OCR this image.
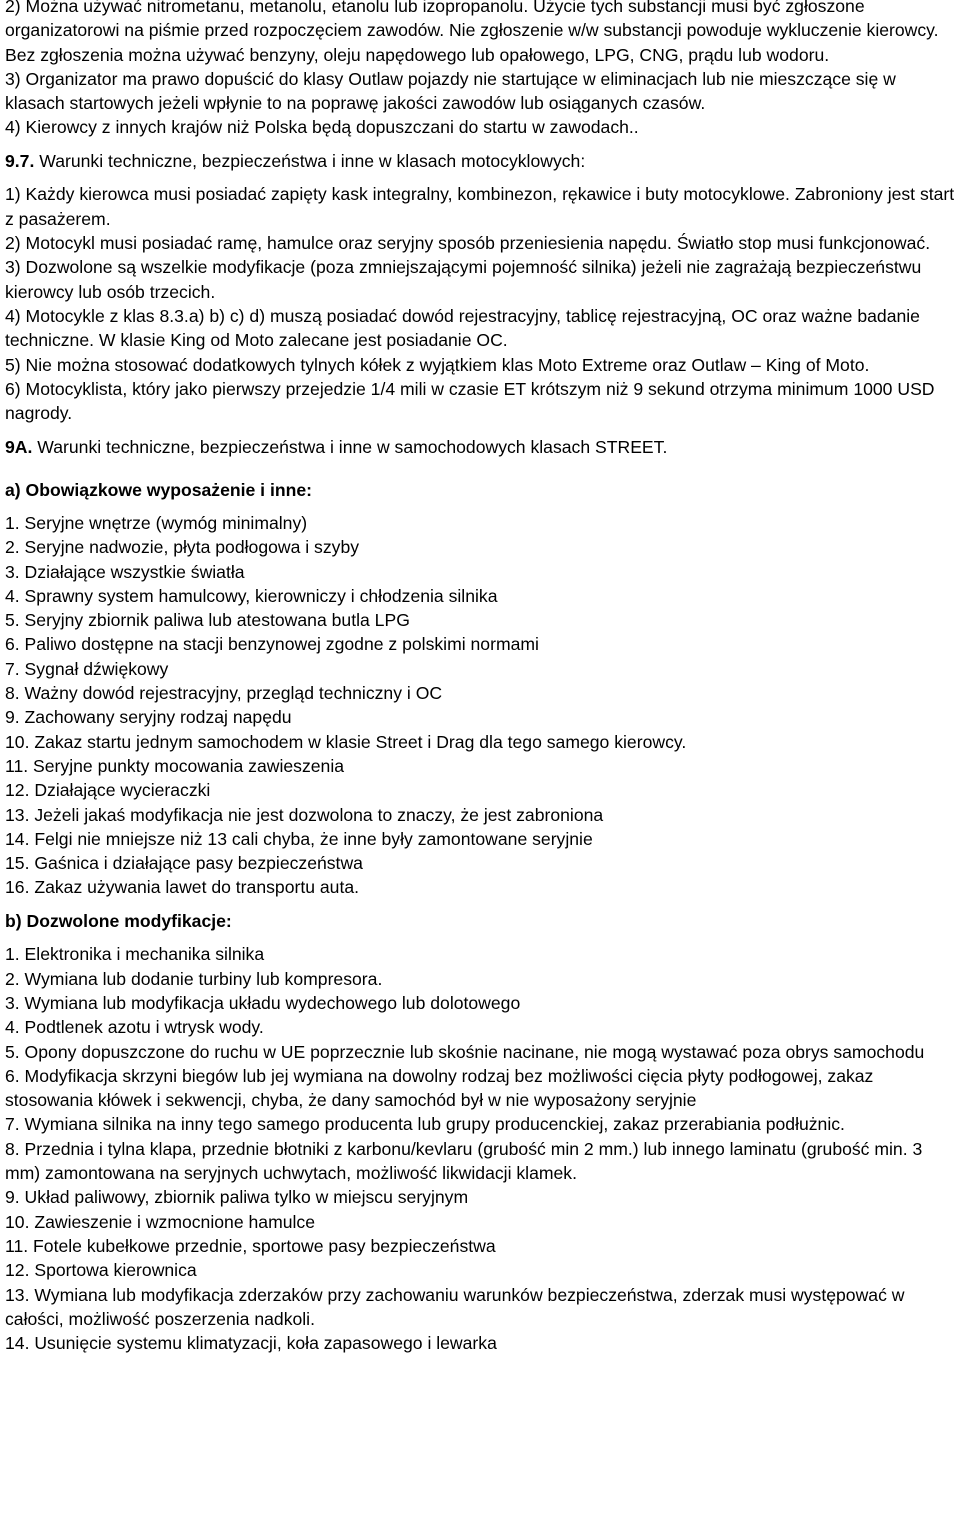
2) Można używać nitrometanu, metanolu, etanolu lub izopropanolu. Użycie tych substancji musi być zgłoszone organizatorowi na piśmie przed rozpoczęciem zawodów. Nie zgłoszenie w/w substancji powoduje wykluczenie kierowcy. Bez zgłoszenia można używać benzyny, oleju napędowego lub opałowego, LPG, CNG, prądu lub wodoru.

3) Organizator ma prawo dopuścić do klasy Outlaw pojazdy nie startujące w eliminacjach lub nie mieszczące się w klasach startowych jeżeli wpłynie to na poprawę jakości zawodów lub osiąganych czasów.

4) Kierowcy z innych krajów niż Polska będą dopuszczani do startu w zawodach..

9.7. Warunki techniczne, bezpieczeństwa i inne w klasach motocyklowych:

1) Każdy kierowca musi posiadać zapięty kask integralny, kombinezon, rękawice i buty motocyklowe. Zabroniony jest start z pasażerem.

2) Motocykl musi posiadać ramę, hamulce oraz seryjny sposób przeniesienia napędu. Światło stop musi funkcjonować.

3) Dozwolone są wszelkie modyfikacje (poza zmniejszającymi pojemność silnika) jeżeli nie zagrażają bezpieczeństwu kierowcy lub osób trzecich.

4) Motocykle z klas 8.3.a) b) c) d) muszą posiadać dowód rejestracyjny, tablicę rejestracyjną, OC oraz ważne badanie techniczne. W klasie King od Moto zalecane jest posiadanie OC.

5) Nie można stosować dodatkowych tylnych kółek z wyjątkiem klas Moto Extreme oraz Outlaw – King of Moto.

6) Motocyklista, który jako pierwszy przejedzie 1/4 mili w czasie ET krótszym niż 9 sekund otrzyma minimum 1000 USD nagrody.

9A. Warunki techniczne, bezpieczeństwa i inne w samochodowych klasach STREET.

a) Obowiązkowe wyposażenie i inne:

1. Seryjne wnętrze (wymóg minimalny)

2. Seryjne nadwozie, płyta podłogowa i szyby

3. Działające wszystkie światła

4. Sprawny system hamulcowy, kierowniczy i chłodzenia silnika

5. Seryjny zbiornik paliwa lub atestowana butla LPG

6. Paliwo dostępne na stacji benzynowej zgodne z polskimi normami

7. Sygnał dźwiękowy

8. Ważny dowód rejestracyjny, przegląd techniczny i OC

9. Zachowany seryjny rodzaj napędu

10. Zakaz startu jednym samochodem w klasie Street i Drag dla tego samego kierowcy.

11. Seryjne punkty mocowania zawieszenia

12. Działające wycieraczki

13. Jeżeli jakaś modyfikacja nie jest dozwolona to znaczy, że jest zabroniona

14. Felgi nie mniejsze niż 13 cali chyba, że inne były zamontowane seryjnie

15. Gaśnica i działające pasy bezpieczeństwa

16. Zakaz używania lawet do transportu auta.

b) Dozwolone modyfikacje:

1. Elektronika i mechanika silnika

2. Wymiana lub dodanie turbiny lub kompresora.

3. Wymiana lub modyfikacja układu wydechowego lub dolotowego

4. Podtlenek azotu i wtrysk wody.

5. Opony dopuszczone do ruchu w UE poprzecznie lub skośnie nacinane, nie mogą wystawać poza obrys samochodu

6. Modyfikacja skrzyni biegów lub jej wymiana na dowolny rodzaj bez możliwości cięcia płyty podłogowej, zakaz stosowania kłówek i sekwencji, chyba, że dany samochód był w nie wyposażony seryjnie

7. Wymiana silnika na inny tego samego producenta lub grupy producenckiej, zakaz przerabiania podłużnic.

8. Przednia i tylna klapa, przednie błotniki z karbonu/kevlaru (grubość min 2 mm.) lub innego laminatu (grubość min. 3 mm) zamontowana na seryjnych uchwytach, możliwość likwidacji klamek.

9. Układ paliwowy, zbiornik paliwa tylko w miejscu seryjnym

10. Zawieszenie i wzmocnione hamulce

11. Fotele kubełkowe przednie, sportowe pasy bezpieczeństwa

12. Sportowa kierownica

13. Wymiana lub modyfikacja zderzaków przy zachowaniu warunków bezpieczeństwa, zderzak musi występować w całości, możliwość poszerzenia nadkoli.

14. Usunięcie systemu klimatyzacji, koła zapasowego i lewarka
